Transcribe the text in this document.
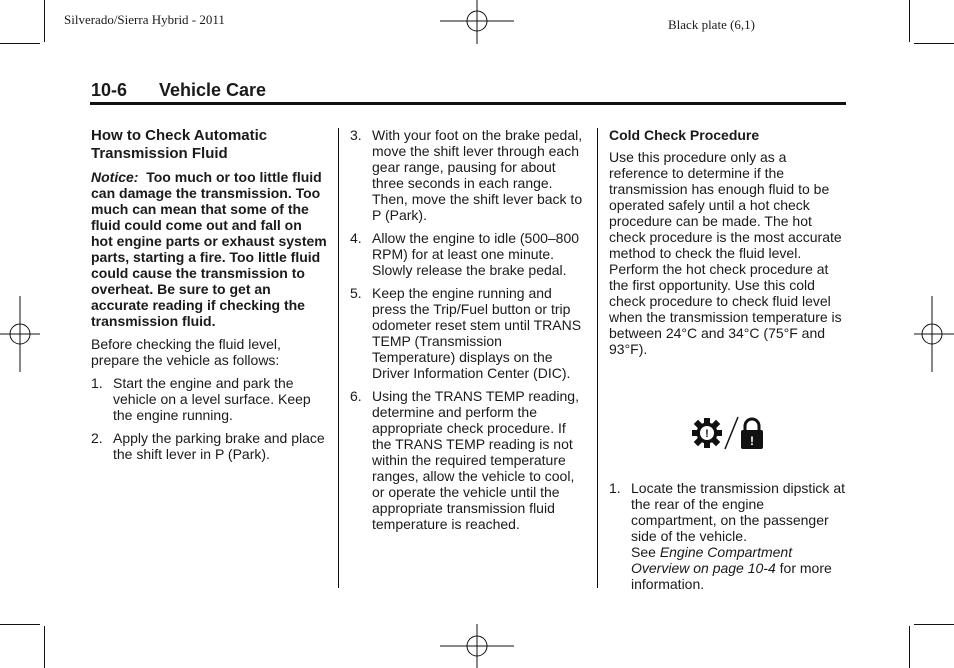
Silverado/Sierra Hybrid - 2011	Black plate (6,1)
10-6 Vehicle Care
How to Check Automatic Transmission Fluid

Notice: Too much or too little fluid can damage the transmission. Too much can mean that some of the fluid could come out and fall on hot engine parts or exhaust system parts, starting a fire. Too little fluid could cause the transmission to overheat. Be sure to get an accurate reading if checking the transmission fluid.

Before checking the fluid level, prepare the vehicle as follows:

1. Start the engine and park the vehicle on a level surface. Keep the engine running.
2. Apply the parking brake and place the shift lever in P (Park).
3. With your foot on the brake pedal, move the shift lever through each gear range, pausing for about three seconds in each range. Then, move the shift lever back to P (Park).
4. Allow the engine to idle (500–800 RPM) for at least one minute. Slowly release the brake pedal.
5. Keep the engine running and press the Trip/Fuel button or trip odometer reset stem until TRANS TEMP (Transmission Temperature) displays on the Driver Information Center (DIC).
6. Using the TRANS TEMP reading, determine and perform the appropriate check procedure. If the TRANS TEMP reading is not within the required temperature ranges, allow the vehicle to cool, or operate the vehicle until the appropriate transmission fluid temperature is reached.
Cold Check Procedure

Use this procedure only as a reference to determine if the transmission has enough fluid to be operated safely until a hot check procedure can be made. The hot check procedure is the most accurate method to check the fluid level. Perform the hot check procedure at the first opportunity. Use this cold check procedure to check fluid level when the transmission temperature is between 24°C and 34°C (75°F and 93°F).

!	!
1. Locate the transmission dipstick at the rear of the engine compartment, on the passenger side of the vehicle.
See Engine Compartment Overview on page 10-4 for more information.
